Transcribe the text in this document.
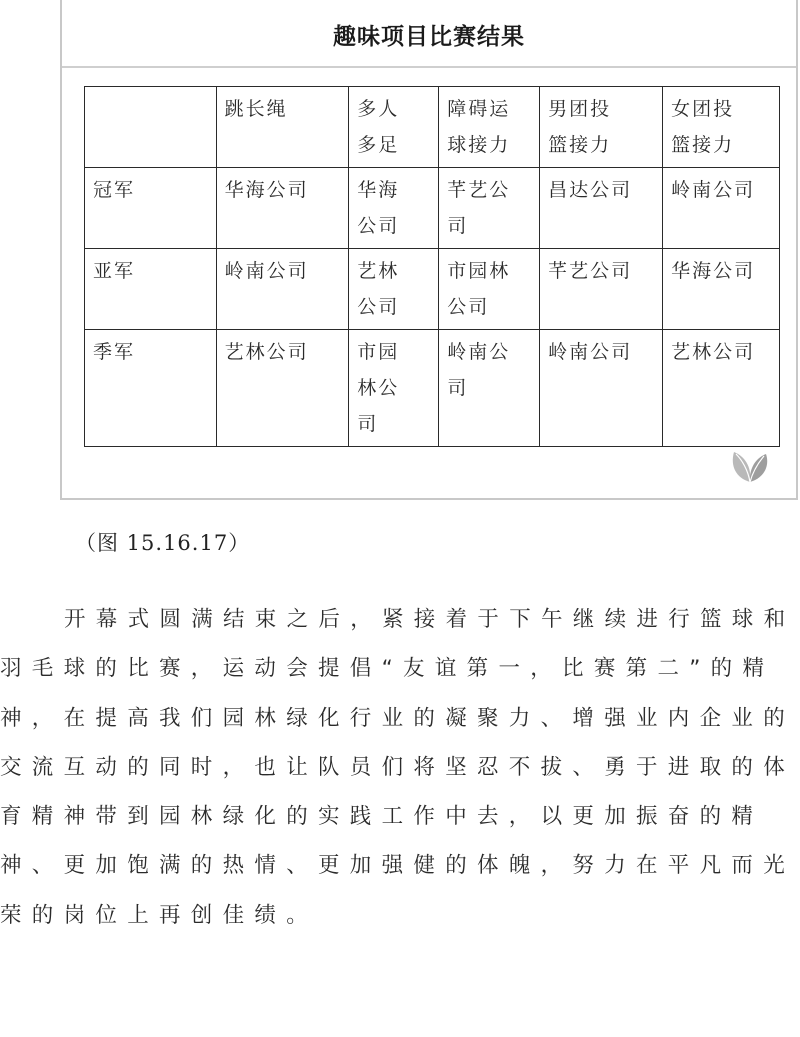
趣味项目比赛结果
	跳长绳	多人多足	障碍运球接力	男团投篮接力	女团投篮接力
冠军	华海公司	华海公司	芊艺公司	昌达公司	岭南公司
亚军	岭南公司	艺林公司	市园林公司	芊艺公司	华海公司
季军	艺林公司	市园林公司	岭南公司	岭南公司	艺林公司
（图 15.16.17）

开幕式圆满结束之后，紧接着于下午继续进行篮球和羽毛球的比赛，运动会提倡“友谊第一，比赛第二”的精神，在提高我们园林绿化行业的凝聚力、增强业内企业的交流互动的同时，也让队员们将坚忍不拔、勇于进取的体育精神带到园林绿化的实践工作中去，以更加振奋的精神、更加饱满的热情、更加强健的体魄，努力在平凡而光荣的岗位上再创佳绩。
